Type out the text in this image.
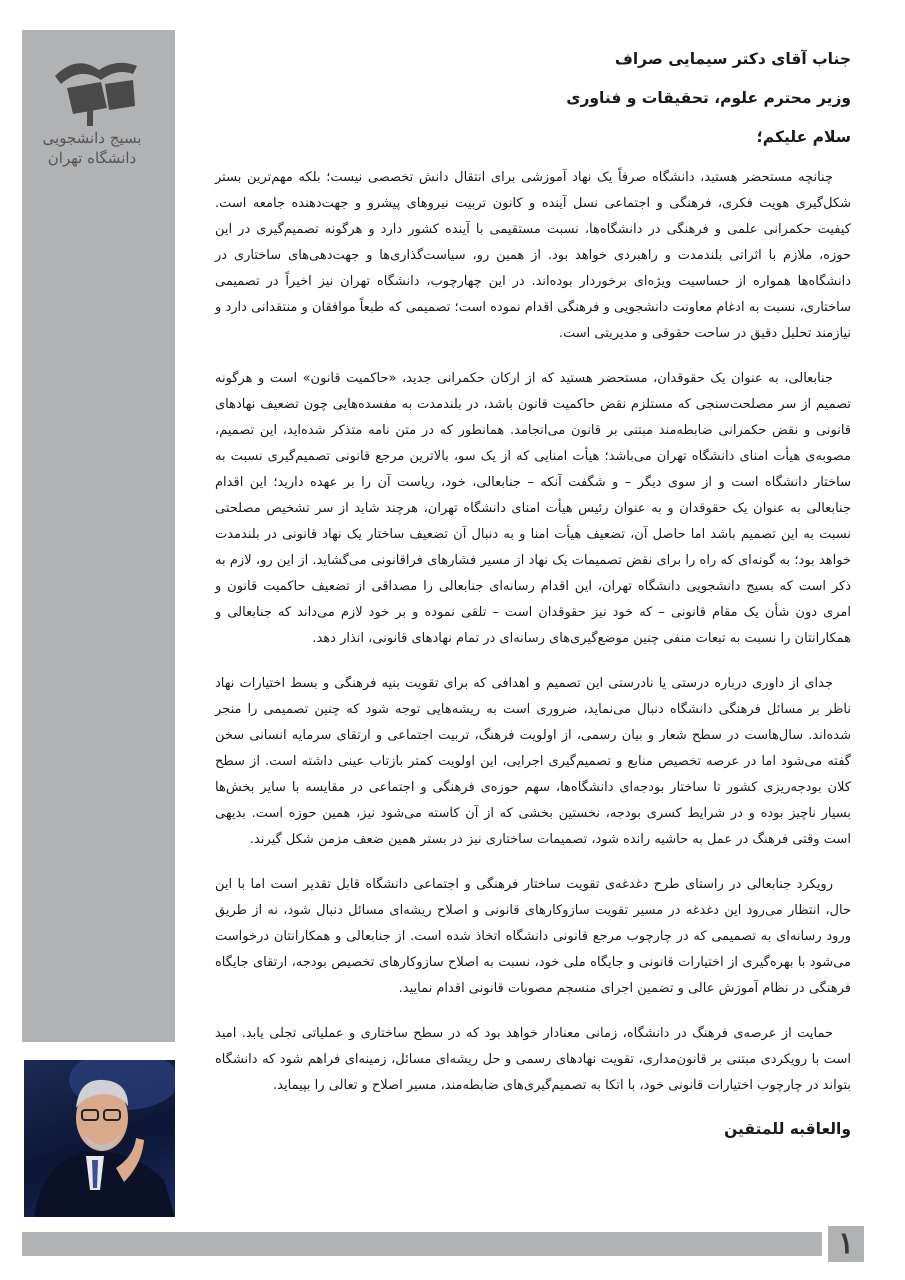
بسیج دانشجویی
دانشگاه تهران
جناب آقای دکتر سیمایی صراف
وزیر محترم علوم، تحقیقات و فناوری
سلام علیکم؛

چنانچه مستحضر هستید، دانشگاه صرفاً یک نهاد آموزشی برای انتقال دانش تخصصی نیست؛ بلکه مهم‌ترین بستر شکل‌گیری هویت فکری، فرهنگی و اجتماعی نسل آینده و کانون تربیت نیروهای پیشرو و جهت‌دهنده جامعه است. کیفیت حکمرانی علمی و فرهنگی در دانشگاه‌ها، نسبت مستقیمی با آینده کشور دارد و هرگونه تصمیم‌گیری در این حوزه، ملازم با اثراتی بلندمدت و راهبردی خواهد بود. از همین رو، سیاست‌گذاری‌ها و جهت‌دهی‌های ساختاری در دانشگاه‌ها همواره از حساسیت ویژه‌ای برخوردار بوده‌اند. در این چهارچوب، دانشگاه تهران نیز اخیراً در تصمیمی ساختاری، نسبت به ادغام معاونت دانشجویی و فرهنگی اقدام نموده است؛ تصمیمی که طبعاً موافقان و منتقدانی دارد و نیازمند تحلیل دقیق در ساحت حقوقی و مدیریتی است.

جنابعالی، به عنوان یک حقوقدان، مستحضر هستید که از ارکان حکمرانی جدید، «حاکمیت قانون» است و هرگونه تصمیم از سر مصلحت‌سنجی که مستلزم نقض حاکمیت قانون باشد، در بلندمدت به مفسده‌هایی چون تضعیف نهادهای قانونی و نقض حکمرانی ضابطه‌مند مبتنی بر قانون می‌انجامد. همانطور که در متن نامه متذکر شده‌اید، این تصمیم، مصوبه‌ی هیأت امنای دانشگاه تهران می‌باشد؛ هیأت امنایی که از یک سو، بالاترین مرجع قانونی تصمیم‌گیری نسبت به ساختار دانشگاه است و از سوی دیگر – و شگفت آنکه – جنابعالی، خود، ریاست آن را بر عهده دارید؛ این اقدام جنابعالی به عنوان یک حقوقدان و به عنوان رئیس هیأت امنای دانشگاه تهران، هرچند شاید از سر تشخیص مصلحتی نسبت به این تصمیم باشد اما حاصل آن، تضعیف هیأت امنا و به دنبال آن تضعیف ساختار یک نهاد قانونی در بلندمدت خواهد بود؛ به گونه‌ای که راه را برای نقض تصمیمات یک نهاد از مسیر فشارهای فراقانونی می‌گشاید. از این رو، لازم به ذکر است که بسیج دانشجویی دانشگاه تهران، این اقدام رسانه‌ای جنابعالی را مصداقی از تضعیف حاکمیت قانون و امری دون شأن یک مقام قانونی – که خود نیز حقوقدان است – تلقی نموده و بر خود لازم می‌داند که جنابعالی و همکارانتان را نسبت به تبعات منفی چنین موضع‌گیری‌های رسانه‌ای در تمام نهادهای قانونی، انذار دهد.

جدای از داوری درباره درستی یا نادرستی این تصمیم و اهدافی که برای تقویت بنیه فرهنگی و بسط اختیارات نهاد ناظر بر مسائل فرهنگی دانشگاه دنبال می‌نماید، ضروری است به ریشه‌هایی توجه شود که چنین تصمیمی را منجر شده‌اند. سال‌هاست در سطح شعار و بیان رسمی، از اولویت فرهنگ، تربیت اجتماعی و ارتقای سرمایه انسانی سخن گفته می‌شود اما در عرصه تخصیص منابع و تصمیم‌گیری اجرایی، این اولویت کمتر بازتاب عینی داشته است. از سطح کلان بودجه‌ریزی کشور تا ساختار بودجه‌ای دانشگاه‌ها، سهم حوزه‌ی فرهنگی و اجتماعی در مقایسه با سایر بخش‌ها بسیار ناچیز بوده و در شرایط کسری بودجه، نخستین بخشی که از آن کاسته می‌شود نیز، همین حوزه است. بدیهی است وقتی فرهنگ در عمل به حاشیه رانده شود، تصمیمات ساختاری نیز در بستر همین ضعف مزمن شکل گیرند.

رویکرد جنابعالی در راستای طرح دغدغه‌ی تقویت ساختار فرهنگی و اجتماعی دانشگاه قابل تقدیر است اما با این حال، انتظار می‌رود این دغدغه در مسیر تقویت سازوکارهای قانونی و اصلاح ریشه‌ای مسائل دنبال شود، نه از طریق ورود رسانه‌ای به تصمیمی که در چارچوب مرجع قانونی دانشگاه اتخاذ شده است. از جنابعالی و همکارانتان درخواست می‌شود با بهره‌گیری از اختیارات قانونی و جایگاه ملی خود، نسبت به اصلاح سازوکارهای تخصیص بودجه، ارتقای جایگاه فرهنگی در نظام آموزش عالی و تضمین اجرای منسجم مصوبات قانونی اقدام نمایید.

حمایت از عرصه‌ی فرهنگ در دانشگاه، زمانی معنادار خواهد بود که در سطح ساختاری و عملیاتی تجلی یابد. امید است با رویکردی مبتنی بر قانون‌مداری، تقویت نهادهای رسمی و حل ریشه‌ای مسائل، زمینه‌ای فراهم شود که دانشگاه بتواند در چارچوب اختیارات قانونی خود، با اتکا به تصمیم‌گیری‌های ضابطه‌مند، مسیر اصلاح و تعالی را بپیماید.

والعاقبه للمتقین
۱
